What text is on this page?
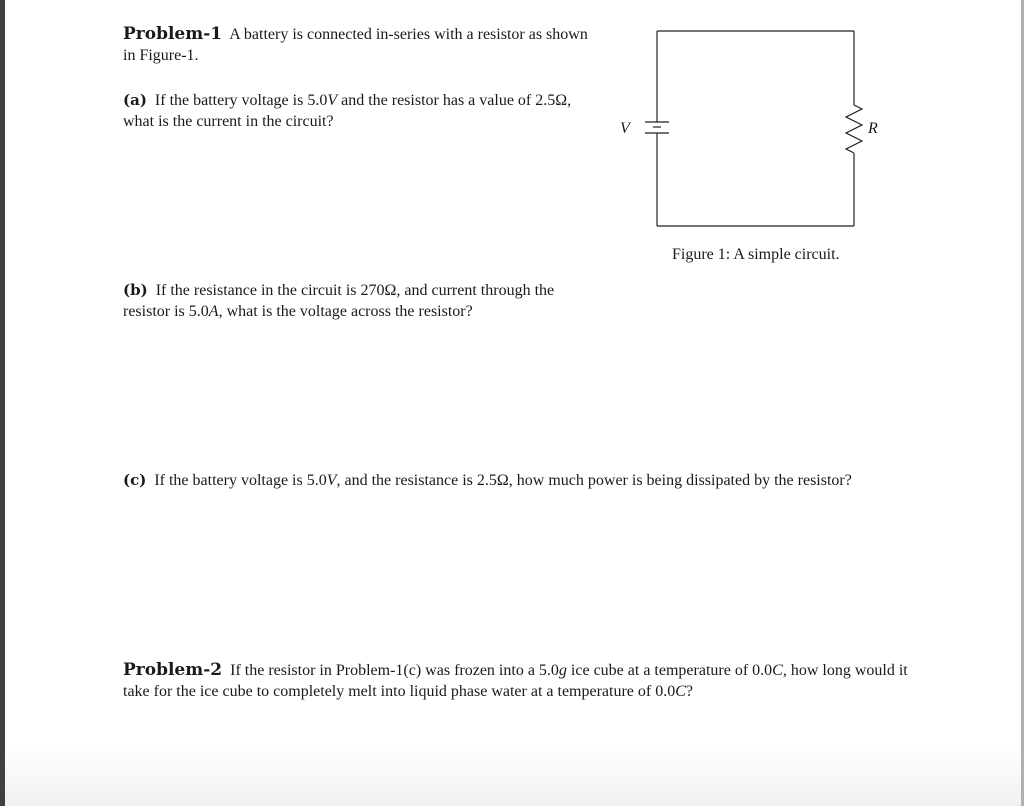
Problem-1 A battery is connected in-series with a resistor as shown in Figure-1.

(a) If the battery voltage is 5.0V and the resistor has a value of 2.5Ω, what is the current in the circuit?	V	R
Figure 1: A simple circuit.

(b) If the resistance in the circuit is 270Ω, and current through the resistor is 5.0A, what is the voltage across the resistor?

(c) If the battery voltage is 5.0V, and the resistance is 2.5Ω, how much power is being dissipated by the resistor?

Problem-2 If the resistor in Problem-1(c) was frozen into a 5.0g ice cube at a temperature of 0.0C, how long would it take for the ice cube to completely melt into liquid phase water at a temperature of 0.0C?
